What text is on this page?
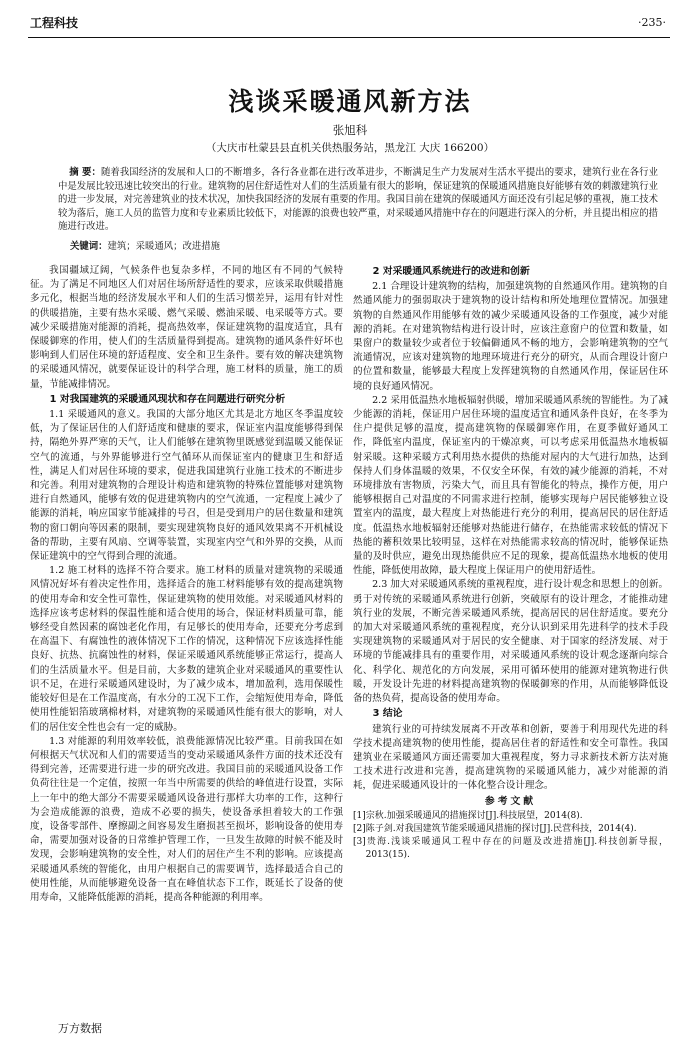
工程科技	·235·
浅谈采暖通风新方法
张旭科
（大庆市杜蒙县县直机关供热服务站，黑龙江 大庆 166200）
摘 要：随着我国经济的发展和人口的不断增多，各行各业都在进行改革进步，不断满足生产力发展对生活水平提出的要求，建筑行业在各行业中是发展比较迅速比较突出的行业。建筑物的居住舒适性对人们的生活质量有很大的影响，保证建筑的保暖通风措施良好能够有效的刺激建筑行业的进一步发展，对完善建筑业的技术状况，加快我国经济的发展有重要的作用。我国目前在建筑的保暖通风方面还没有引起足够的重视，施工技术较为落后，施工人员的监管力度和专业素质比较低下，对能源的浪费也较严重，对采暖通风措施中存在的问题进行深入的分析，并且提出相应的措施进行改进。
关键词：建筑；采暖通风；改进措施

我国疆域辽阔，气候条件也复杂多样，不同的地区有不同的气候特征。为了满足不同地区人们对居住场所舒适性的要求，应该采取供暖措施多元化，根据当地的经济发展水平和人们的生活习惯差异，运用有针对性的供暖措施，主要有热水采暖、燃气采暖、燃油采暖、电采暖等方式。要减少采暖措施对能源的消耗，提高热效率，保证建筑物的温度适宜，具有保暖御寒的作用，使人们的生活质量得到提高。建筑物的通风条件好坏也影响到人们居住环境的舒适程度、安全和卫生条件。要有效的解决建筑物的采暖通风情况，就要保证设计的科学合理，施工材料的质量，施工的质量，节能减排情况。

1 对我国建筑的采暖通风现状和存在问题进行研究分析

1.1 采暖通风的意义。我国的大部分地区尤其是北方地区冬季温度较低，为了保证居住的人们舒适度和健康的要求，保证室内温度能够得到保持，隔绝外界严寒的天气，让人们能够在建筑物里既感觉到温暖又能保证空气的流通，与外界能够进行空气循环从而保证室内的健康卫生和舒适性，满足人们对居住环境的要求，促进我国建筑行业施工技术的不断进步和完善。利用对建筑物的合理设计构造和建筑物的特殊位置能够对建筑物进行自然通风，能够有效的促进建筑物内的空气流通，一定程度上减少了能源的消耗，响应国家节能减排的号召，但是受到用户的居住数量和建筑物的窗口朝向等因素的限制，要实现建筑物良好的通风效果离不开机械设备的帮助，主要有风扇、空调等装置，实现室内空气和外界的交换，从而保证建筑中的空气得到合理的流通。

1.2 施工材料的选择不符合要求。施工材料的质量对建筑物的采暖通风情况好坏有着决定性作用，选择适合的施工材料能够有效的提高建筑物的使用寿命和安全性可靠性，保证建筑物的使用效能。对采暖通风材料的选择应该考虑材料的保温性能和适合使用的场合，保证材料质量可靠，能够经受自然因素的腐蚀老化作用，有足够长的使用寿命，还要充分考虑到在高温下、有腐蚀性的液体情况下工作的情况，这种情况下应该选择性能良好、抗热、抗腐蚀性的材料，保证采暖通风系统能够正常运行，提高人们的生活质量水平。但是目前，大多数的建筑企业对采暖通风的重要性认识不足，在进行采暖通风建设时，为了减少成本，增加盈利，选用保暖性能较好但是在工作温度高，有水分的工况下工作，会缩短使用寿命，降低使用性能铝箔玻璃棉材料，对建筑物的采暖通风性能有很大的影响，对人们的居住安全性也会有一定的威胁。

1.3 对能源的利用效率较低，浪费能源情况比较严重。目前我国在如何根据天气状况和人们的需要适当的变动采暖通风条件方面的技术还没有得到完善，还需要进行进一步的研究改进。我国目前的采暖通风设备工作负荷往往是一个定值，按照一年当中所需要的供给的峰值进行设置，实际上一年中的绝大部分不需要采暖通风设备进行那样大功率的工作，这种行为会造成能源的浪费，造成不必要的损失，使设备承担着较大的工作强度，设备零部件、摩擦副之间容易发生磨损甚至损坏，影响设备的使用寿命，需要加强对设备的日常维护管理工作，一旦发生故障的时候不能及时发现，会影响建筑物的安全性，对人们的居住产生不利的影响。应该提高采暖通风系统的智能化，由用户根据自己的需要调节，选择最适合自己的使用性能，从而能够避免设备一直在峰值状态下工作，既延长了设备的使用寿命，又能降低能源的消耗，提高各种能源的利用率。

2 对采暖通风系统进行的改进和创新

2.1 合理设计建筑物的结构，加强建筑物的自然通风作用。建筑物的自然通风能力的强弱取决于建筑物的设计结构和所处地理位置情况。加强建筑物的自然通风作用能够有效的减少采暖通风设备的工作强度，减少对能源的消耗。在对建筑物结构进行设计时，应该注意窗户的位置和数量，如果窗户的数量较少或者位于较偏僻通风不畅的地方，会影响建筑物的空气流通情况，应该对建筑物的地理环境进行充分的研究，从而合理设计窗户的位置和数量，能够最大程度上发挥建筑物的自然通风作用，保证居住环境的良好通风情况。

2.2 采用低温热水地板辐射供暖，增加采暖通风系统的智能性。为了减少能源的消耗，保证用户居住环境的温度适宜和通风条件良好，在冬季为住户提供足够的温度，提高建筑物的保暖御寒作用，在夏季做好通风工作，降低室内温度，保证室内的干燥凉爽，可以考虑采用低温热水地板辐射采暖。这种采暖方式利用热水提供的热能对屋内的大气进行加热，达到保持人们身体温暖的效果，不仅安全环保，有效的减少能源的消耗，不对环境排放有害物质，污染大气，而且具有智能化的特点，操作方便，用户能够根据自己对温度的不同需求进行控制，能够实现每户居民能够独立设置室内的温度，最大程度上对热能进行充分的利用，提高居民的居住舒适度。低温热水地板辐射还能够对热能进行储存，在热能需求较低的情况下热能的蓄积效果比较明显，这样在对热能需求较高的情况时，能够保证热量的及时供应，避免出现热能供应不足的现象，提高低温热水地板的使用性能，降低使用故障，最大程度上保证用户的使用舒适性。

2.3 加大对采暖通风系统的重视程度，进行设计观念和思想上的创新。勇于对传统的采暖通风系统进行创新，突破原有的设计理念，才能推动建筑行业的发展，不断完善采暖通风系统，提高居民的居住舒适度。要充分的加大对采暖通风系统的重视程度，充分认识到采用先进科学的技术手段实现建筑物的采暖通风对于居民的安全健康、对于国家的经济发展、对于环境的节能减排具有的重要作用，对采暖通风系统的设计观念逐渐向综合化、科学化、规范化的方向发展，采用可循环使用的能源对建筑物进行供暖，开发设计先进的材料提高建筑物的保暖御寒的作用，从而能够降低设备的热负荷，提高设备的使用寿命。

3 结论

建筑行业的可持续发展离不开改革和创新，要善于利用现代先进的科学技术提高建筑物的使用性能，提高居住者的舒适性和安全可靠性。我国建筑业在采暖通风方面还需要加大重视程度，努力寻求新技术新方法对施工技术进行改进和完善，提高建筑物的采暖通风能力，减少对能源的消耗，促进采暖通风设计的一体化整合设计理念。

参考文献

[1]宗秋.加强采暖通风的措施探讨[J].科技展望，2014(8).

[2]陈子剑.对我国建筑节能采暖通风措施的探讨[J].民营科技，2014(4).

[3]贵海.浅谈采暖通风工程中存在的问题及改进措施[J].科技创新导报，2013(15).

万方数据
